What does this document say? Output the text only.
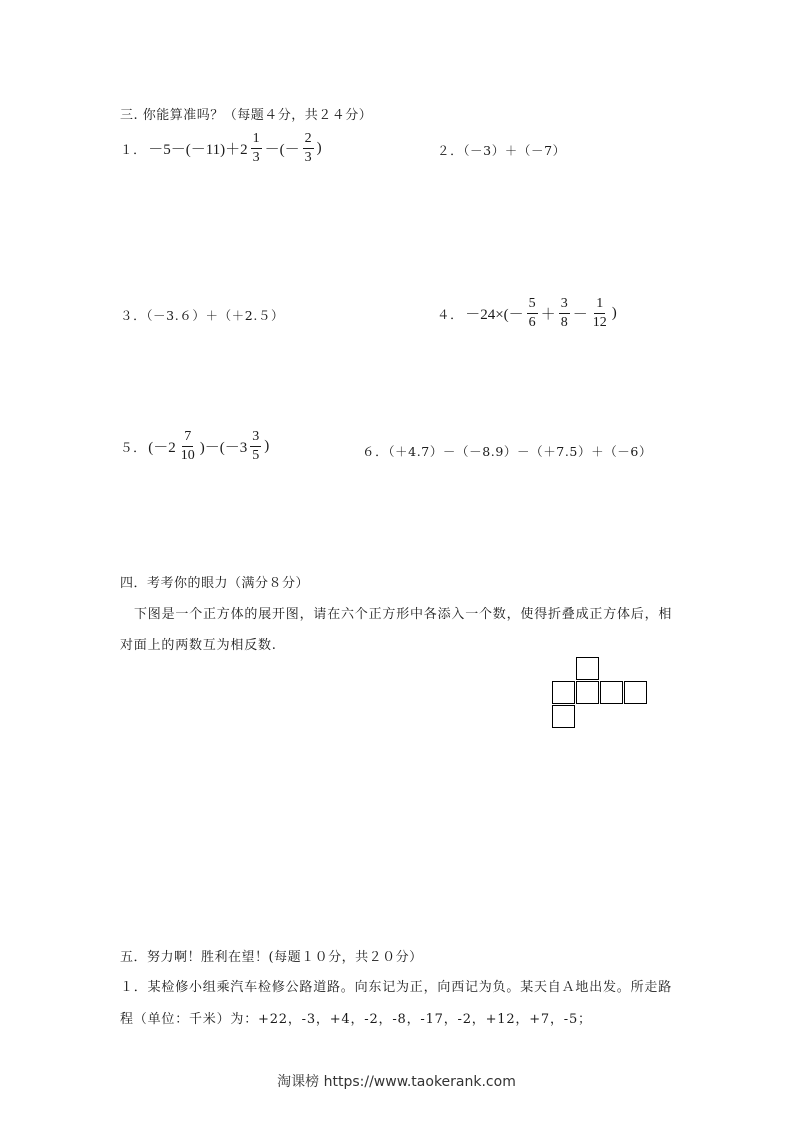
三. 你能算准吗？（每题４分，共２４分）
１． $-5-(-11)+2 \frac{1}{3}$ －(－ $\frac{2}{3}$ )	２．（－3）＋（－7）
３．（－3.６）＋（＋2.５）	４． $-24\times(- \frac{5}{6} + \frac{3}{8} - \frac{1}{12}$ )
５． $(-2 \frac{7}{10} )-(-3 \frac{3}{5}$ )	６．（＋4.7）－（－8.9）－（＋7.5）＋（－6）
四．考考你的眼力（满分８分）
下图是一个正方体的展开图，请在六个正方形中各添入一个数，使得折叠成正方体后，相
对面上的两数互为相反数.
五．努力啊！胜利在望！(每题１０分，共２０分）
１．某检修小组乘汽车检修公路道路。向东记为正，向西记为负。某天自Ａ地出发。所走路
程（单位：千米）为：+22，-3，+4，-2，-8，-17，-2，+12，+7，-5；
淘课榜 https://www.taokerank.com
